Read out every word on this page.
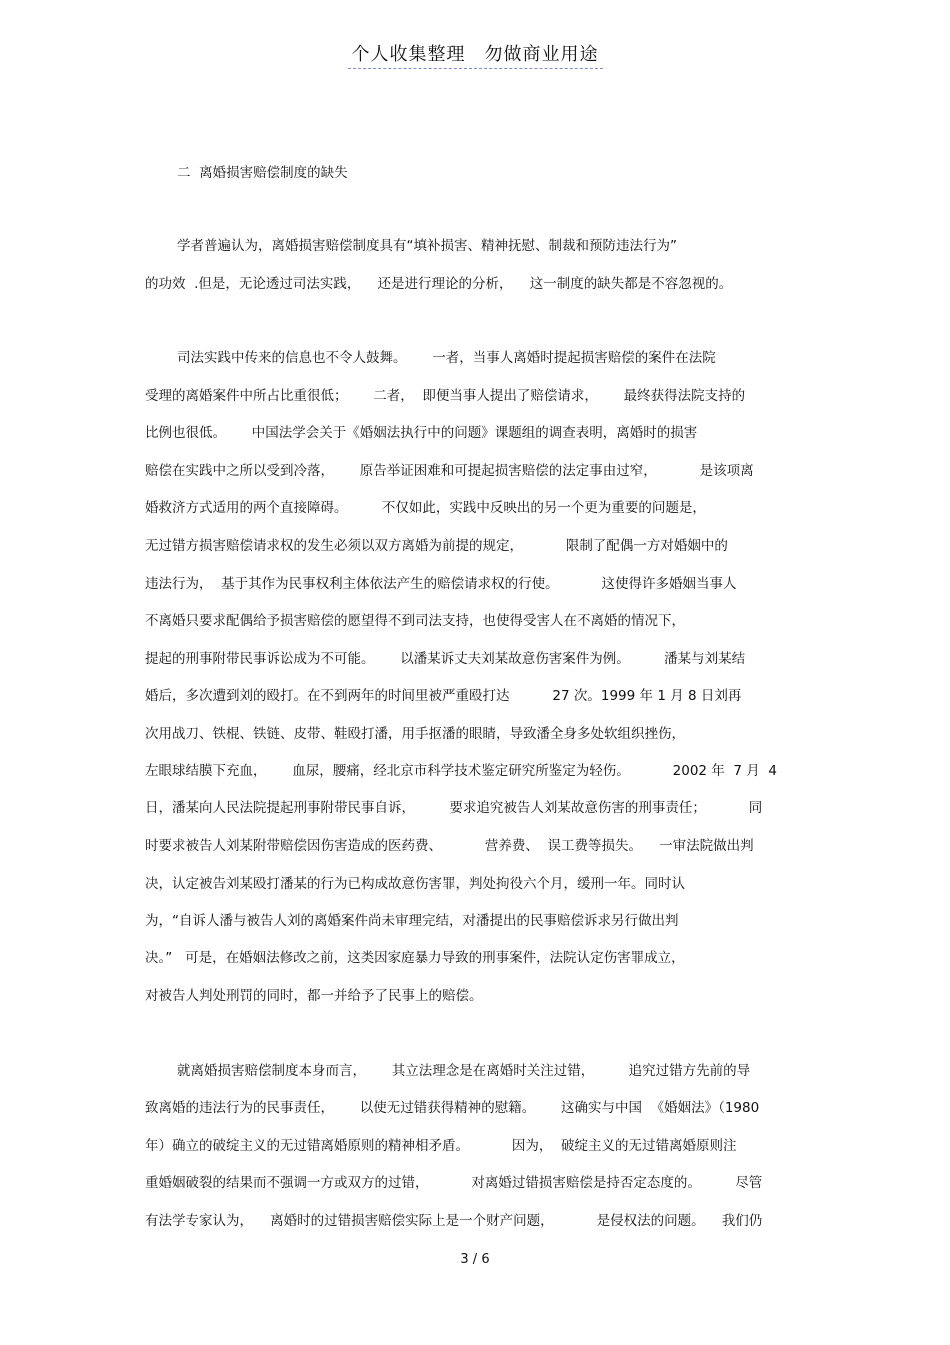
个人收集整理　勿做商业用途
二  离婚损害赔偿制度的缺失
学者普遍认为，离婚损害赔偿制度具有“填补损害、精神抚慰、制裁和预防违法行为”
的功效  .但是，无论透过司法实践，    还是进行理论的分析，    这一制度的缺失都是不容忽视的。
司法实践中传来的信息也不令人鼓舞。      一者，当事人离婚时提起损害赔偿的案件在法院
受理的离婚案件中所占比重很低；      二者，  即便当事人提出了赔偿请求，      最终获得法院支持的
比例也很低。      中国法学会关于《婚姻法执行中的问题》课题组的调查表明，离婚时的损害
赔偿在实践中之所以受到冷落，      原告举证困难和可提起损害赔偿的法定事由过窄，          是该项离
婚救济方式适用的两个直接障碍。        不仅如此，实践中反映出的另一个更为重要的问题是，
无过错方损害赔偿请求权的发生必须以双方离婚为前提的规定，          限制了配偶一方对婚姻中的
违法行为，  基于其作为民事权利主体依法产生的赔偿请求权的行使。          这使得许多婚姻当事人
不离婚只要求配偶给予损害赔偿的愿望得不到司法支持，也使得受害人在不离婚的情况下，
提起的刑事附带民事诉讼成为不可能。      以潘某诉丈夫刘某故意伤害案件为例。        潘某与刘某结
婚后，多次遭到刘的殴打。在不到两年的时间里被严重殴打达          27 次。1999 年 1 月 8 日刘再
次用战刀、铁棍、铁链、皮带、鞋殴打潘，用手抠潘的眼睛，导致潘全身多处软组织挫伤，
左眼球结膜下充血，      血尿，腰痛，经北京市科学技术鉴定研究所鉴定为轻伤。          2002 年  7 月  4
日，潘某向人民法院提起刑事附带民事自诉，        要求追究被告人刘某故意伤害的刑事责任；          同
时要求被告人刘某附带赔偿因伤害造成的医药费、          营养费、  误工费等损失。    一审法院做出判
决，认定被告刘某殴打潘某的行为已构成故意伤害罪，判处拘役六个月，缓刑一年。同时认
为，“自诉人潘与被告人刘的离婚案件尚未审理完结，对潘提出的民事赔偿诉求另行做出判
决。”   可是，在婚姻法修改之前，这类因家庭暴力导致的刑事案件，法院认定伤害罪成立，
对被告人判处刑罚的同时，都一并给予了民事上的赔偿。
就离婚损害赔偿制度本身而言，      其立法理念是在离婚时关注过错，        追究过错方先前的导
致离婚的违法行为的民事责任，      以使无过错获得精神的慰籍。      这确实与中国  《婚姻法》（1980
年）确立的破绽主义的无过错离婚原则的精神相矛盾。          因为，  破绽主义的无过错离婚原则注
重婚姻破裂的结果而不强调一方或双方的过错，          对离婚过错损害赔偿是持否定态度的。        尽管
有法学专家认为，    离婚时的过错损害赔偿实际上是一个财产问题，          是侵权法的问题。    我们仍
3 / 6
